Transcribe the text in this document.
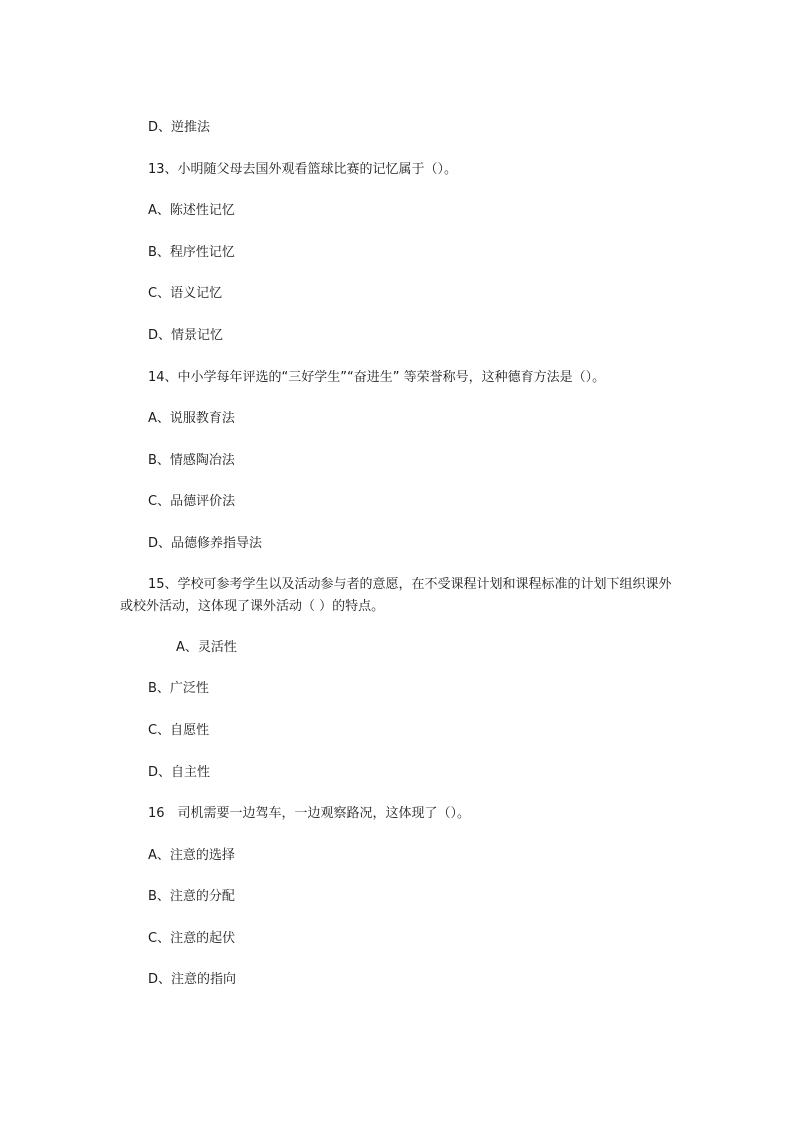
D、逆推法
13、小明随父母去国外观看篮球比赛的记忆属于（）。
A、陈述性记忆
B、程序性记忆
C、语义记忆
D、情景记忆
14、中小学每年评选的“三好学生”“奋进生” 等荣誉称号，这种德育方法是（）。
A、说服教育法
B、情感陶冶法
C、品德评价法
D、品德修养指导法
15、学校可参考学生以及活动参与者的意愿，在不受课程计划和课程标准的计划下组织课外或校外活动，这体现了课外活动（ ）的特点。
A、灵活性
B、广泛性
C、自愿性
D、自主性
16　司机需要一边驾车，一边观察路况，这体现了（）。
A、注意的选择
B、注意的分配
C、注意的起伏
D、注意的指向
